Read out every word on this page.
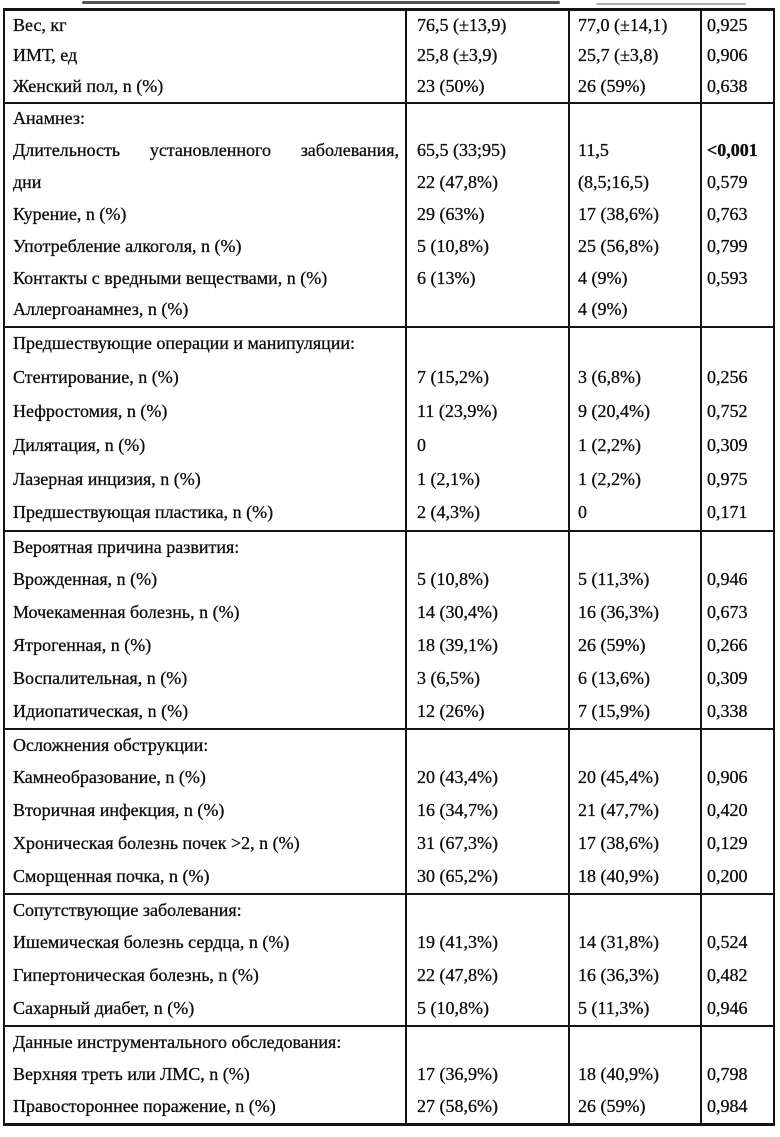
Вес, кг	76,5 (±13,9)	77,0 (±14,1)	0,925
ИМТ, ед	25,8 (±3,9)	25,7 (±3,8)	0,906
Женский пол, n (%)	23 (50%)	26 (59%)	0,638
Анамнез:			
Длительность установленного заболевания,	65,5 (33;95)	11,5	<0,001
дни	22 (47,8%)	(8,5;16,5)	0,579
Курение, n (%)	29 (63%)	17 (38,6%)	0,763
Употребление алкоголя, n (%)	5 (10,8%)	25 (56,8%)	0,799
Контакты с вредными веществами, n (%)	6 (13%)	4 (9%)	0,593
Аллергоанамнез, n (%)		4 (9%)	
Предшествующие операции и манипуляции:			
Стентирование, n (%)	7 (15,2%)	3 (6,8%)	0,256
Нефростомия, n (%)	11 (23,9%)	9 (20,4%)	0,752
Дилятация, n (%)	0	1 (2,2%)	0,309
Лазерная инцизия, n (%)	1 (2,1%)	1 (2,2%)	0,975
Предшествующая пластика, n (%)	2 (4,3%)	0	0,171
Вероятная причина развития:			
Врожденная, n (%)	5 (10,8%)	5 (11,3%)	0,946
Мочекаменная болезнь, n (%)	14 (30,4%)	16 (36,3%)	0,673
Ятрогенная, n (%)	18 (39,1%)	26 (59%)	0,266
Воспалительная, n (%)	3 (6,5%)	6 (13,6%)	0,309
Идиопатическая, n (%)	12 (26%)	7 (15,9%)	0,338
Осложнения обструкции:			
Камнеобразование, n (%)	20 (43,4%)	20 (45,4%)	0,906
Вторичная инфекция, n (%)	16 (34,7%)	21 (47,7%)	0,420
Хроническая болезнь почек >2, n (%)	31 (67,3%)	17 (38,6%)	0,129
Сморщенная почка, n (%)	30 (65,2%)	18 (40,9%)	0,200
Сопутствующие заболевания:			
Ишемическая болезнь сердца, n (%)	19 (41,3%)	14 (31,8%)	0,524
Гипертоническая болезнь, n (%)	22 (47,8%)	16 (36,3%)	0,482
Сахарный диабет, n (%)	5 (10,8%)	5 (11,3%)	0,946
Данные инструментального обследования:			
Верхняя треть или ЛМС, n (%)	17 (36,9%)	18 (40,9%)	0,798
Правостороннее поражение, n (%)	27 (58,6%)	26 (59%)	0,984
